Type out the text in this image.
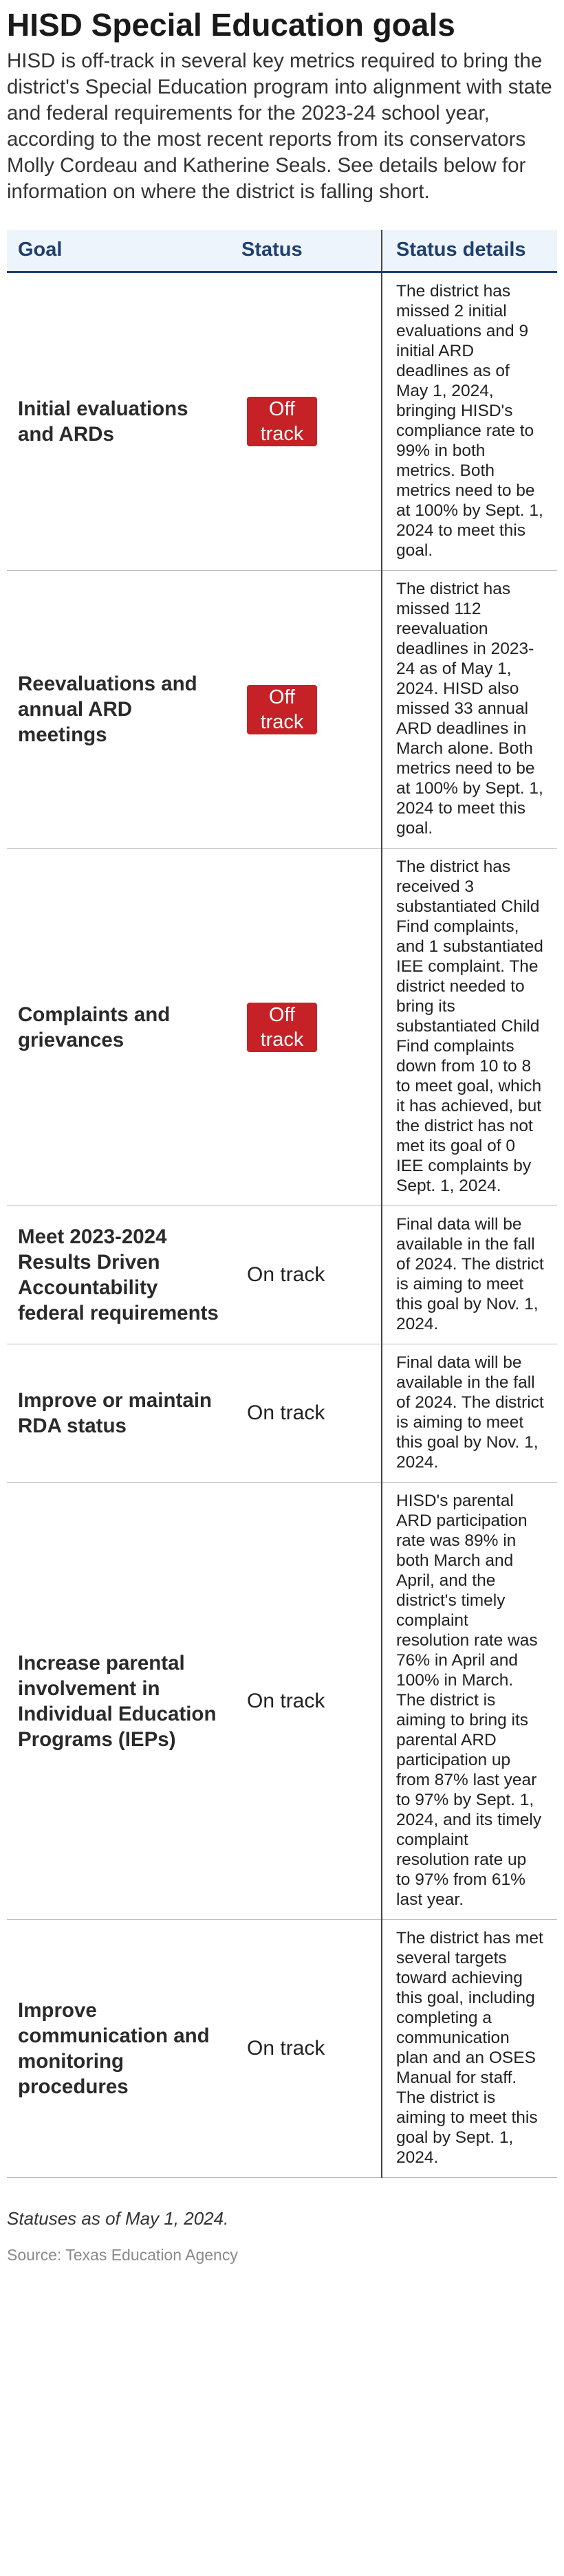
HISD Special Education goals

HISD is off-track in several key metrics required to bring the district's Special Education program into alignment with state and federal requirements for the 2023-24 school year, according to the most recent reports from its conservators Molly Cordeau and Katherine Seals. See details below for information on where the district is falling short.

Goal	Status	Status details
Initial evaluations and ARDs	Off track	The district has missed 2 initial evaluations and 9 initial ARD deadlines as of May 1, 2024, bringing HISD's compliance rate to 99% in both metrics. Both metrics need to be at 100% by Sept. 1, 2024 to meet this goal.
Reevaluations and annual ARD meetings	Off track	The district has missed 112 reevaluation deadlines in 2023-24 as of May 1, 2024. HISD also missed 33 annual ARD deadlines in March alone. Both metrics need to be at 100% by Sept. 1, 2024 to meet this goal.
Complaints and grievances	Off track	The district has received 3 substantiated Child Find complaints, and 1 substantiated IEE complaint. The district needed to bring its substantiated Child Find complaints down from 10 to 8 to meet goal, which it has achieved, but the district has not met its goal of 0 IEE complaints by Sept. 1, 2024.
Meet 2023-2024 Results Driven Accountability federal requirements	On track	Final data will be available in the fall of 2024. The district is aiming to meet this goal by Nov. 1, 2024.
Improve or maintain RDA status	On track	Final data will be available in the fall of 2024. The district is aiming to meet this goal by Nov. 1, 2024.
Increase parental involvement in Individual Education Programs (IEPs)	On track	HISD's parental ARD participation rate was 89% in both March and April, and the district's timely complaint resolution rate was 76% in April and 100% in March. The district is aiming to bring its parental ARD participation up from 87% last year to 97% by Sept. 1, 2024, and its timely complaint resolution rate up to 97% from 61% last year.
Improve communication and monitoring procedures	On track	The district has met several targets toward achieving this goal, including completing a communication plan and an OSES Manual for staff. The district is aiming to meet this goal by Sept. 1, 2024.

Statuses as of May 1, 2024.

Source: Texas Education Agency
